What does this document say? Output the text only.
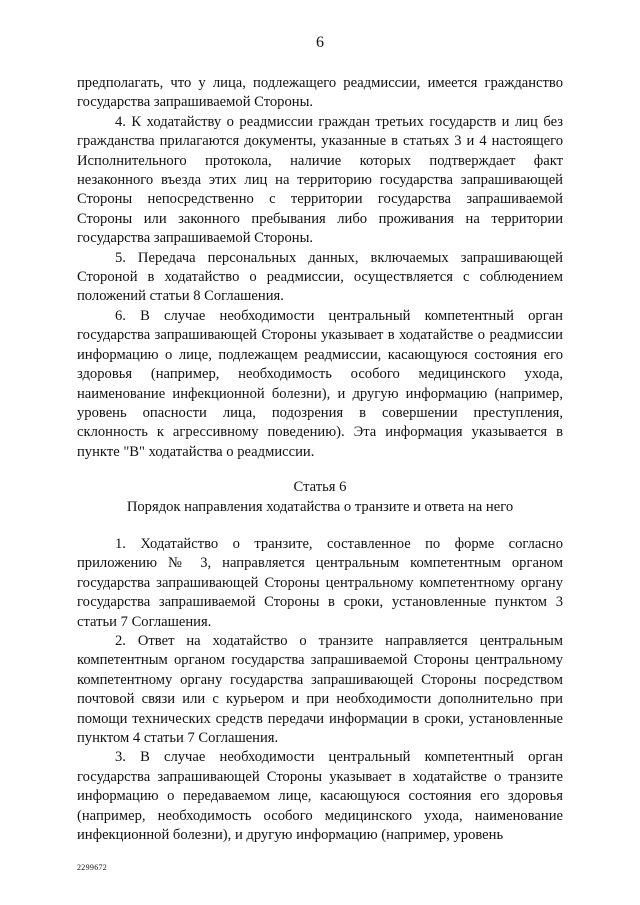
6

предполагать, что у лица, подлежащего реадмиссии, имеется гражданство государства запрашиваемой Стороны.

4. К ходатайству о реадмиссии граждан третьих государств и лиц без гражданства прилагаются документы, указанные в статьях 3 и 4 настоящего Исполнительного протокола, наличие которых подтверждает факт незаконного въезда этих лиц на территорию государства запрашивающей Стороны непосредственно с территории государства запрашиваемой Стороны или законного пребывания либо проживания на территории государства запрашиваемой Стороны.

5. Передача персональных данных, включаемых запрашивающей Стороной в ходатайство о реадмиссии, осуществляется с соблюдением положений статьи 8 Соглашения.

6. В случае необходимости центральный компетентный орган государства запрашивающей Стороны указывает в ходатайстве о реадмиссии информацию о лице, подлежащем реадмиссии, касающуюся состояния его здоровья (например, необходимость особого медицинского ухода, наименование инфекционной болезни), и другую информацию (например, уровень опасности лица, подозрения в совершении преступления, склонность к агрессивному поведению). Эта информация указывается в пункте "В" ходатайства о реадмиссии.

Статья 6

Порядок направления ходатайства о транзите и ответа на него

1. Ходатайство о транзите, составленное по форме согласно приложению № 3, направляется центральным компетентным органом государства запрашивающей Стороны центральному компетентному органу государства запрашиваемой Стороны в сроки, установленные пунктом 3 статьи 7 Соглашения.

2. Ответ на ходатайство о транзите направляется центральным компетентным органом государства запрашиваемой Стороны центральному компетентному органу государства запрашивающей Стороны посредством почтовой связи или с курьером и при необходимости дополнительно при помощи технических средств передачи информации в сроки, установленные пунктом 4 статьи 7 Соглашения.

3. В случае необходимости центральный компетентный орган государства запрашивающей Стороны указывает в ходатайстве о транзите информацию о передаваемом лице, касающуюся состояния его здоровья (например, необходимость особого медицинского ухода, наименование инфекционной болезни), и другую информацию (например, уровень

2299672
